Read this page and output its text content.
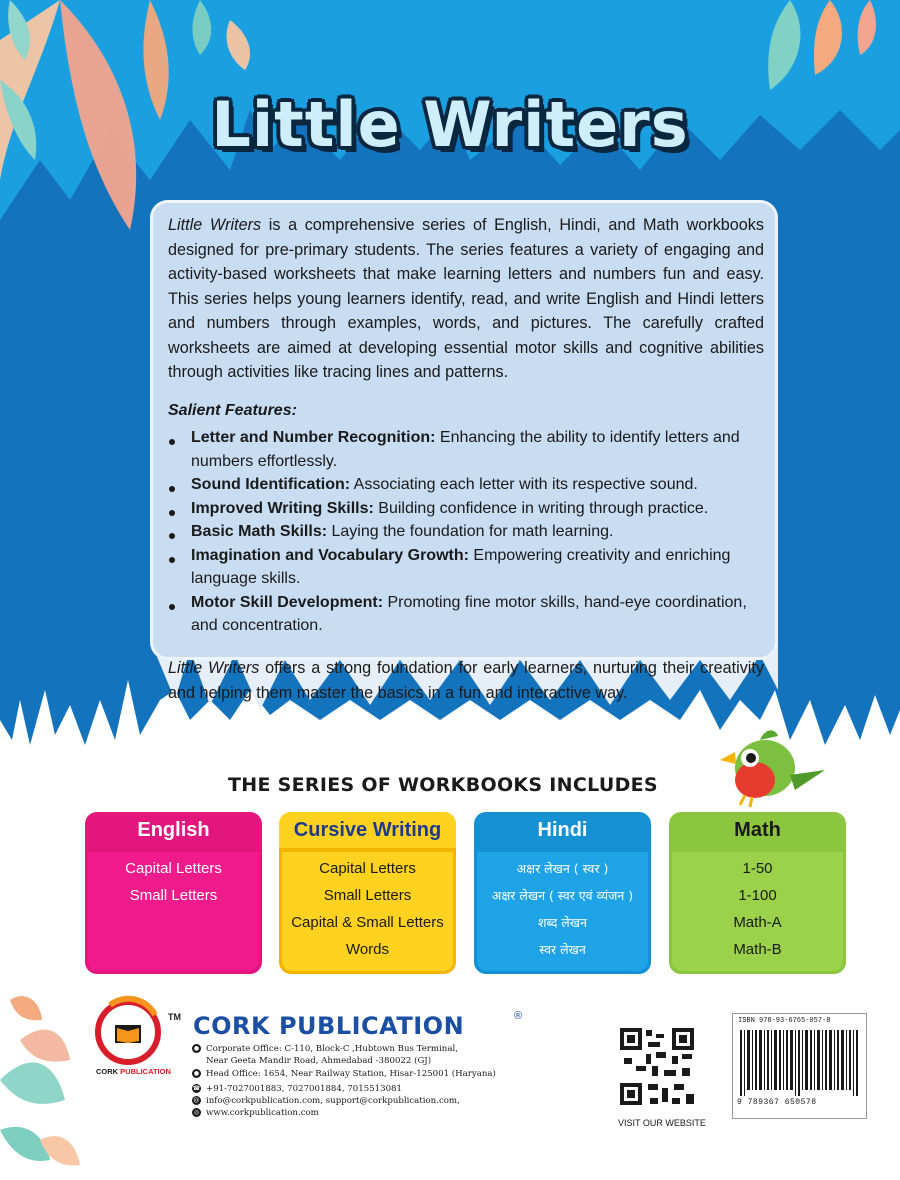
Little Writers

Little Writers is a comprehensive series of English, Hindi, and Math workbooks designed for pre-primary students. The series features a variety of engaging and activity-based worksheets that make learning letters and numbers fun and easy. This series helps young learners identify, read, and write English and Hindi letters and numbers through examples, words, and pictures. The carefully crafted worksheets are aimed at developing essential motor skills and cognitive abilities through activities like tracing lines and patterns.

Salient Features:
Letter and Number Recognition: Enhancing the ability to identify letters and numbers effortlessly.
Sound Identification: Associating each letter with its respective sound.
Improved Writing Skills: Building confidence in writing through practice.
Basic Math Skills: Laying the foundation for math learning.
Imagination and Vocabulary Growth: Empowering creativity and enriching language skills.
Motor Skill Development: Promoting fine motor skills, hand-eye coordination, and concentration.

Little Writers offers a strong foundation for early learners, nurturing their creativity and helping them master the basics in a fun and interactive way.

THE SERIES OF WORKBOOKS INCLUDES
English
Capital Letters
Small Letters
Cursive Writing
Capital Letters
Small Letters
Capital & Small Letters
Words
Hindi
अक्षर लेखन ( स्वर )
अक्षर लेखन ( स्वर एवं व्यंजन )
शब्द लेखन
स्वर लेखन
Math
1-50
1-100
Math-A
Math-B
TM CORK PUBLICATION	®
CORK PUBLICATION
● Corporate Office: C-110, Block-C ,Hubtown Bus Terminal,
Near Geeta Mandir Road, Ahmedabad -380022 (GJ)
● Head Office: 1654, Near Railway Station, Hisar-125001 (Haryana)
☎ +91-7027001883, 7027001884, 7015513081
@ info@corkpublication.com, support@corkpublication.com,
◎ www.corkpublication.com
VISIT OUR WEBSITE
ISBN 978-93-6765-057-8
9 789367 650578
